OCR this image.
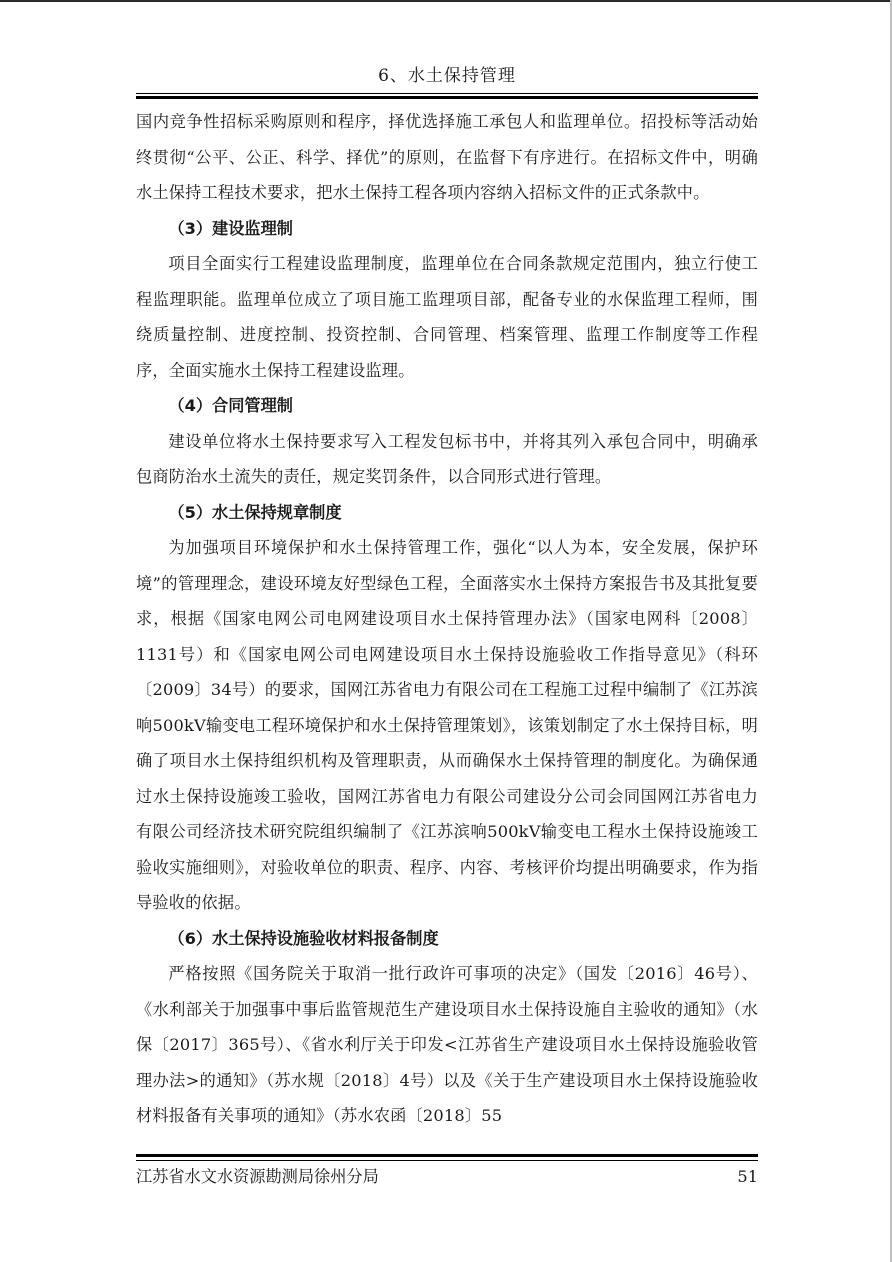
6、水土保持管理

国内竞争性招标采购原则和程序，择优选择施工承包人和监理单位。招投标等活动始终贯彻“公平、公正、科学、择优”的原则，在监督下有序进行。在招标文件中，明确水土保持工程技术要求，把水土保持工程各项内容纳入招标文件的正式条款中。

（3）建设监理制

项目全面实行工程建设监理制度，监理单位在合同条款规定范围内，独立行使工程监理职能。监理单位成立了项目施工监理项目部，配备专业的水保监理工程师，围绕质量控制、进度控制、投资控制、合同管理、档案管理、监理工作制度等工作程序，全面实施水土保持工程建设监理。

（4）合同管理制

建设单位将水土保持要求写入工程发包标书中，并将其列入承包合同中，明确承包商防治水土流失的责任，规定奖罚条件，以合同形式进行管理。

（5）水土保持规章制度

为加强项目环境保护和水土保持管理工作，强化“以人为本，安全发展，保护环境”的管理理念，建设环境友好型绿色工程，全面落实水土保持方案报告书及其批复要求，根据《国家电网公司电网建设项目水土保持管理办法》（国家电网科〔2008〕1131号）和《国家电网公司电网建设项目水土保持设施验收工作指导意见》（科环〔2009〕34号）的要求，国网江苏省电力有限公司在工程施工过程中编制了《江苏滨响500kV输变电工程环境保护和水土保持管理策划》，该策划制定了水土保持目标，明确了项目水土保持组织机构及管理职责，从而确保水土保持管理的制度化。为确保通过水土保持设施竣工验收，国网江苏省电力有限公司建设分公司会同国网江苏省电力有限公司经济技术研究院组织编制了《江苏滨响500kV输变电工程水土保持设施竣工验收实施细则》，对验收单位的职责、程序、内容、考核评价均提出明确要求，作为指导验收的依据。

（6）水土保持设施验收材料报备制度

严格按照《国务院关于取消一批行政许可事项的决定》（国发〔2016〕46号）、《水利部关于加强事中事后监管规范生产建设项目水土保持设施自主验收的通知》（水保〔2017〕365号）、《省水利厅关于印发<江苏省生产建设项目水土保持设施验收管理办法>的通知》（苏水规〔2018〕4号）以及《关于生产建设项目水土保持设施验收材料报备有关事项的通知》（苏水农函〔2018〕55

江苏省水文水资源勘测局徐州分局	51
